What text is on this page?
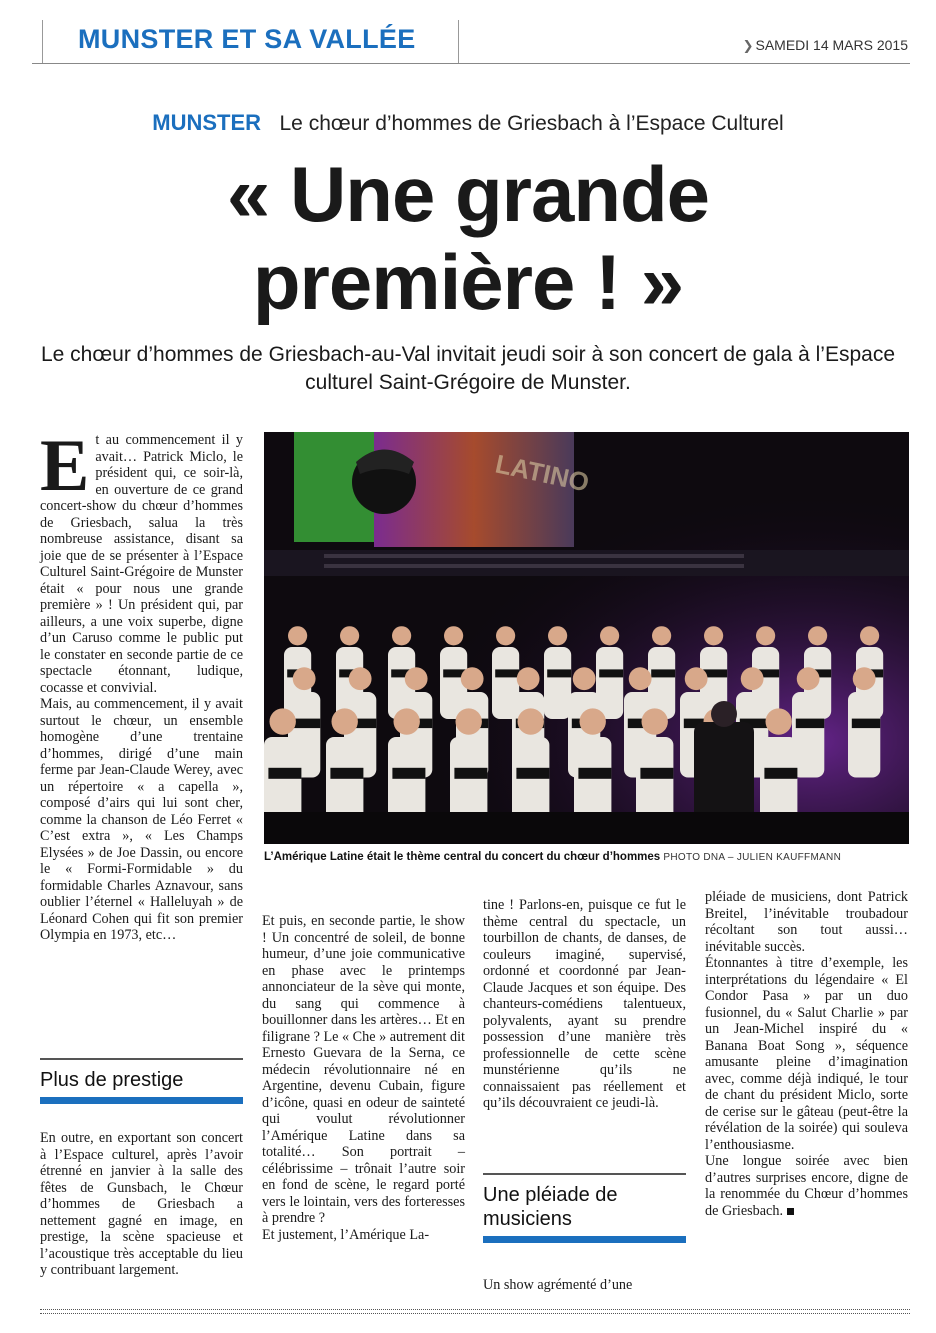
MUNSTER ET SA VALLÉE	❯ SAMEDI 14 MARS 2015
MUNSTER Le chœur d’hommes de Griesbach à l’Espace Culturel
« Une grande
première ! »
Le chœur d’hommes de Griesbach-au-Val invitait jeudi soir à son concert de gala à l’Espace culturel Saint-Grégoire de Munster.

Et au commencement il y avait… Patrick Miclo, le président qui, ce soir-là, en ouverture de ce grand concert-show du chœur d’hommes de Griesbach, salua la très nombreuse assistance, disant sa joie que de se présenter à l’Espace Culturel Saint-Grégoire de Munster était « pour nous une grande première » ! Un président qui, par ailleurs, a une voix superbe, digne d’un Caruso comme le public put le constater en seconde partie de ce spectacle étonnant, ludique, cocasse et convivial.

Mais, au commencement, il y avait surtout le chœur, un ensemble homogène d’une trentaine d’hommes, dirigé d’une main ferme par Jean-Claude Werey, avec un répertoire « a capella », composé d’airs qui lui sont cher, comme la chanson de Léo Ferret « C’est extra », « Les Champs Elysées » de Joe Dassin, ou encore le « Formi-Formidable » du formidable Charles Aznavour, sans oublier l’éternel « Halleluyah » de Léonard Cohen qui fit son premier Olympia en 1973, etc…

Plus de prestige

En outre, en exportant son concert à l’Espace culturel, après l’avoir étrenné en janvier à la salle des fêtes de Gunsbach, le Chœur d’hommes de Griesbach a nettement gagné en image, en prestige, la scène spacieuse et l’acoustique très acceptable du lieu y contribuant largement.

LATINO
L’Amérique Latine était le thème central du concert du chœur d’hommes PHOTO DNA – JULIEN KAUFFMANN

Et puis, en seconde partie, le show ! Un concentré de soleil, de bonne humeur, d’une joie communicative en phase avec le printemps annonciateur de la sève qui monte, du sang qui commence à bouillonner dans les artères… Et en filigrane ? Le « Che » autrement dit Ernesto Guevara de la Serna, ce médecin révolutionnaire né en Argentine, devenu Cubain, figure d’icône, quasi en odeur de sainteté qui voulut révolutionner l’Amérique Latine dans sa totalité… Son portrait – célébrissime – trônait l’autre soir en fond de scène, le regard porté vers le lointain, vers des forteresses à prendre ?

Et justement, l’Amérique La-

tine ! Parlons-en, puisque ce fut le thème central du spectacle, un tourbillon de chants, de danses, de couleurs imaginé, supervisé, ordonné et coordonné par Jean-Claude Jacques et son équipe. Des chanteurs-comédiens talentueux, polyvalents, ayant su prendre possession d’une manière très professionnelle de cette scène munstérienne qu’ils ne connaissaient pas réellement et qu’ils découvraient ce jeudi-là.

Une pléiade de musiciens

Un show agrémenté d’une

pléiade de musiciens, dont Patrick Breitel, l’inévitable troubadour récoltant son tout aussi… inévitable succès.

Étonnantes à titre d’exemple, les interprétations du légendaire « El Condor Pasa » par un duo fusionnel, du « Salut Charlie » par un Jean-Michel inspiré du « Banana Boat Song », séquence amusante pleine d’imagination avec, comme déjà indiqué, le tour de chant du président Miclo, sorte de cerise sur le gâteau (peut-être la révélation de la soirée) qui souleva l’enthousiasme.

Une longue soirée avec bien d’autres surprises encore, digne de la renommée du Chœur d’hommes de Griesbach.
